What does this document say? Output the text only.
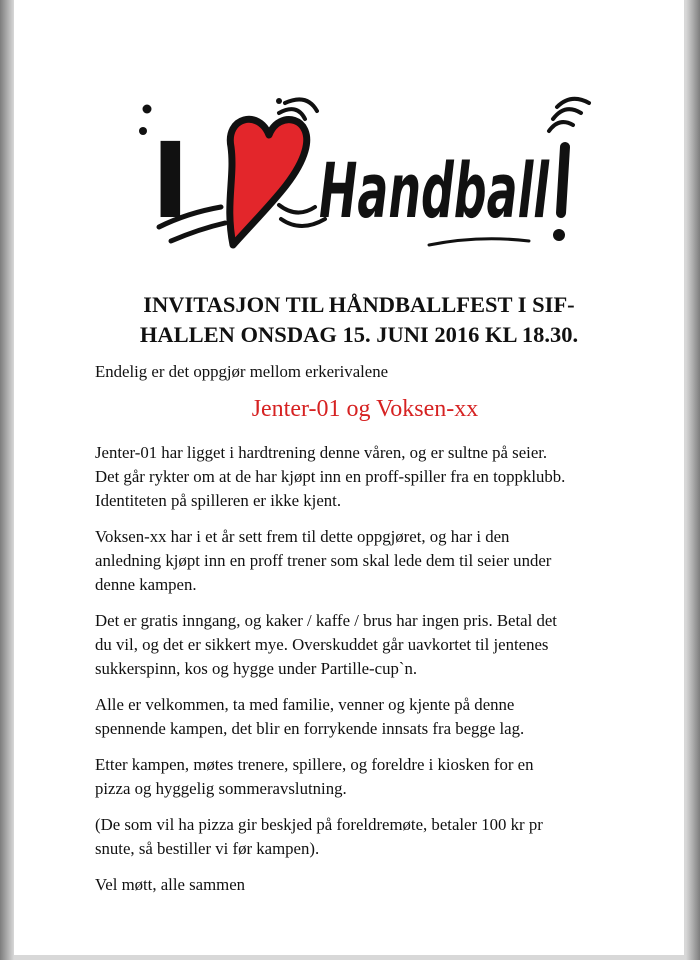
I Handball
INVITASJON TIL HÅNDBALLFEST I SIF-
HALLEN ONSDAG 15. JUNI 2016 KL 18.30.
Endelig er det oppgjør mellom erkerivalene
Jenter-01 og Voksen-xx
Jenter-01 har ligget i hardtrening denne våren, og er sultne på seier.
Det går rykter om at de har kjøpt inn en proff-spiller fra en toppklubb.
Identiteten på spilleren er ikke kjent.
Voksen-xx har i et år sett frem til dette oppgjøret, og har i den
anledning kjøpt inn en proff trener som skal lede dem til seier under
denne kampen.
Det er gratis inngang, og kaker / kaffe / brus har ingen pris. Betal det
du vil, og det er sikkert mye. Overskuddet går uavkortet til jentenes
sukkerspinn, kos og hygge under Partille-cup`n.
Alle er velkommen, ta med familie, venner og kjente på denne
spennende kampen, det blir en forrykende innsats fra begge lag.
Etter kampen, møtes trenere, spillere, og foreldre i kiosken for en
pizza og hyggelig sommeravslutning.
(De som vil ha pizza gir beskjed på foreldremøte, betaler 100 kr pr
snute, så bestiller vi før kampen).
Vel møtt, alle sammen
